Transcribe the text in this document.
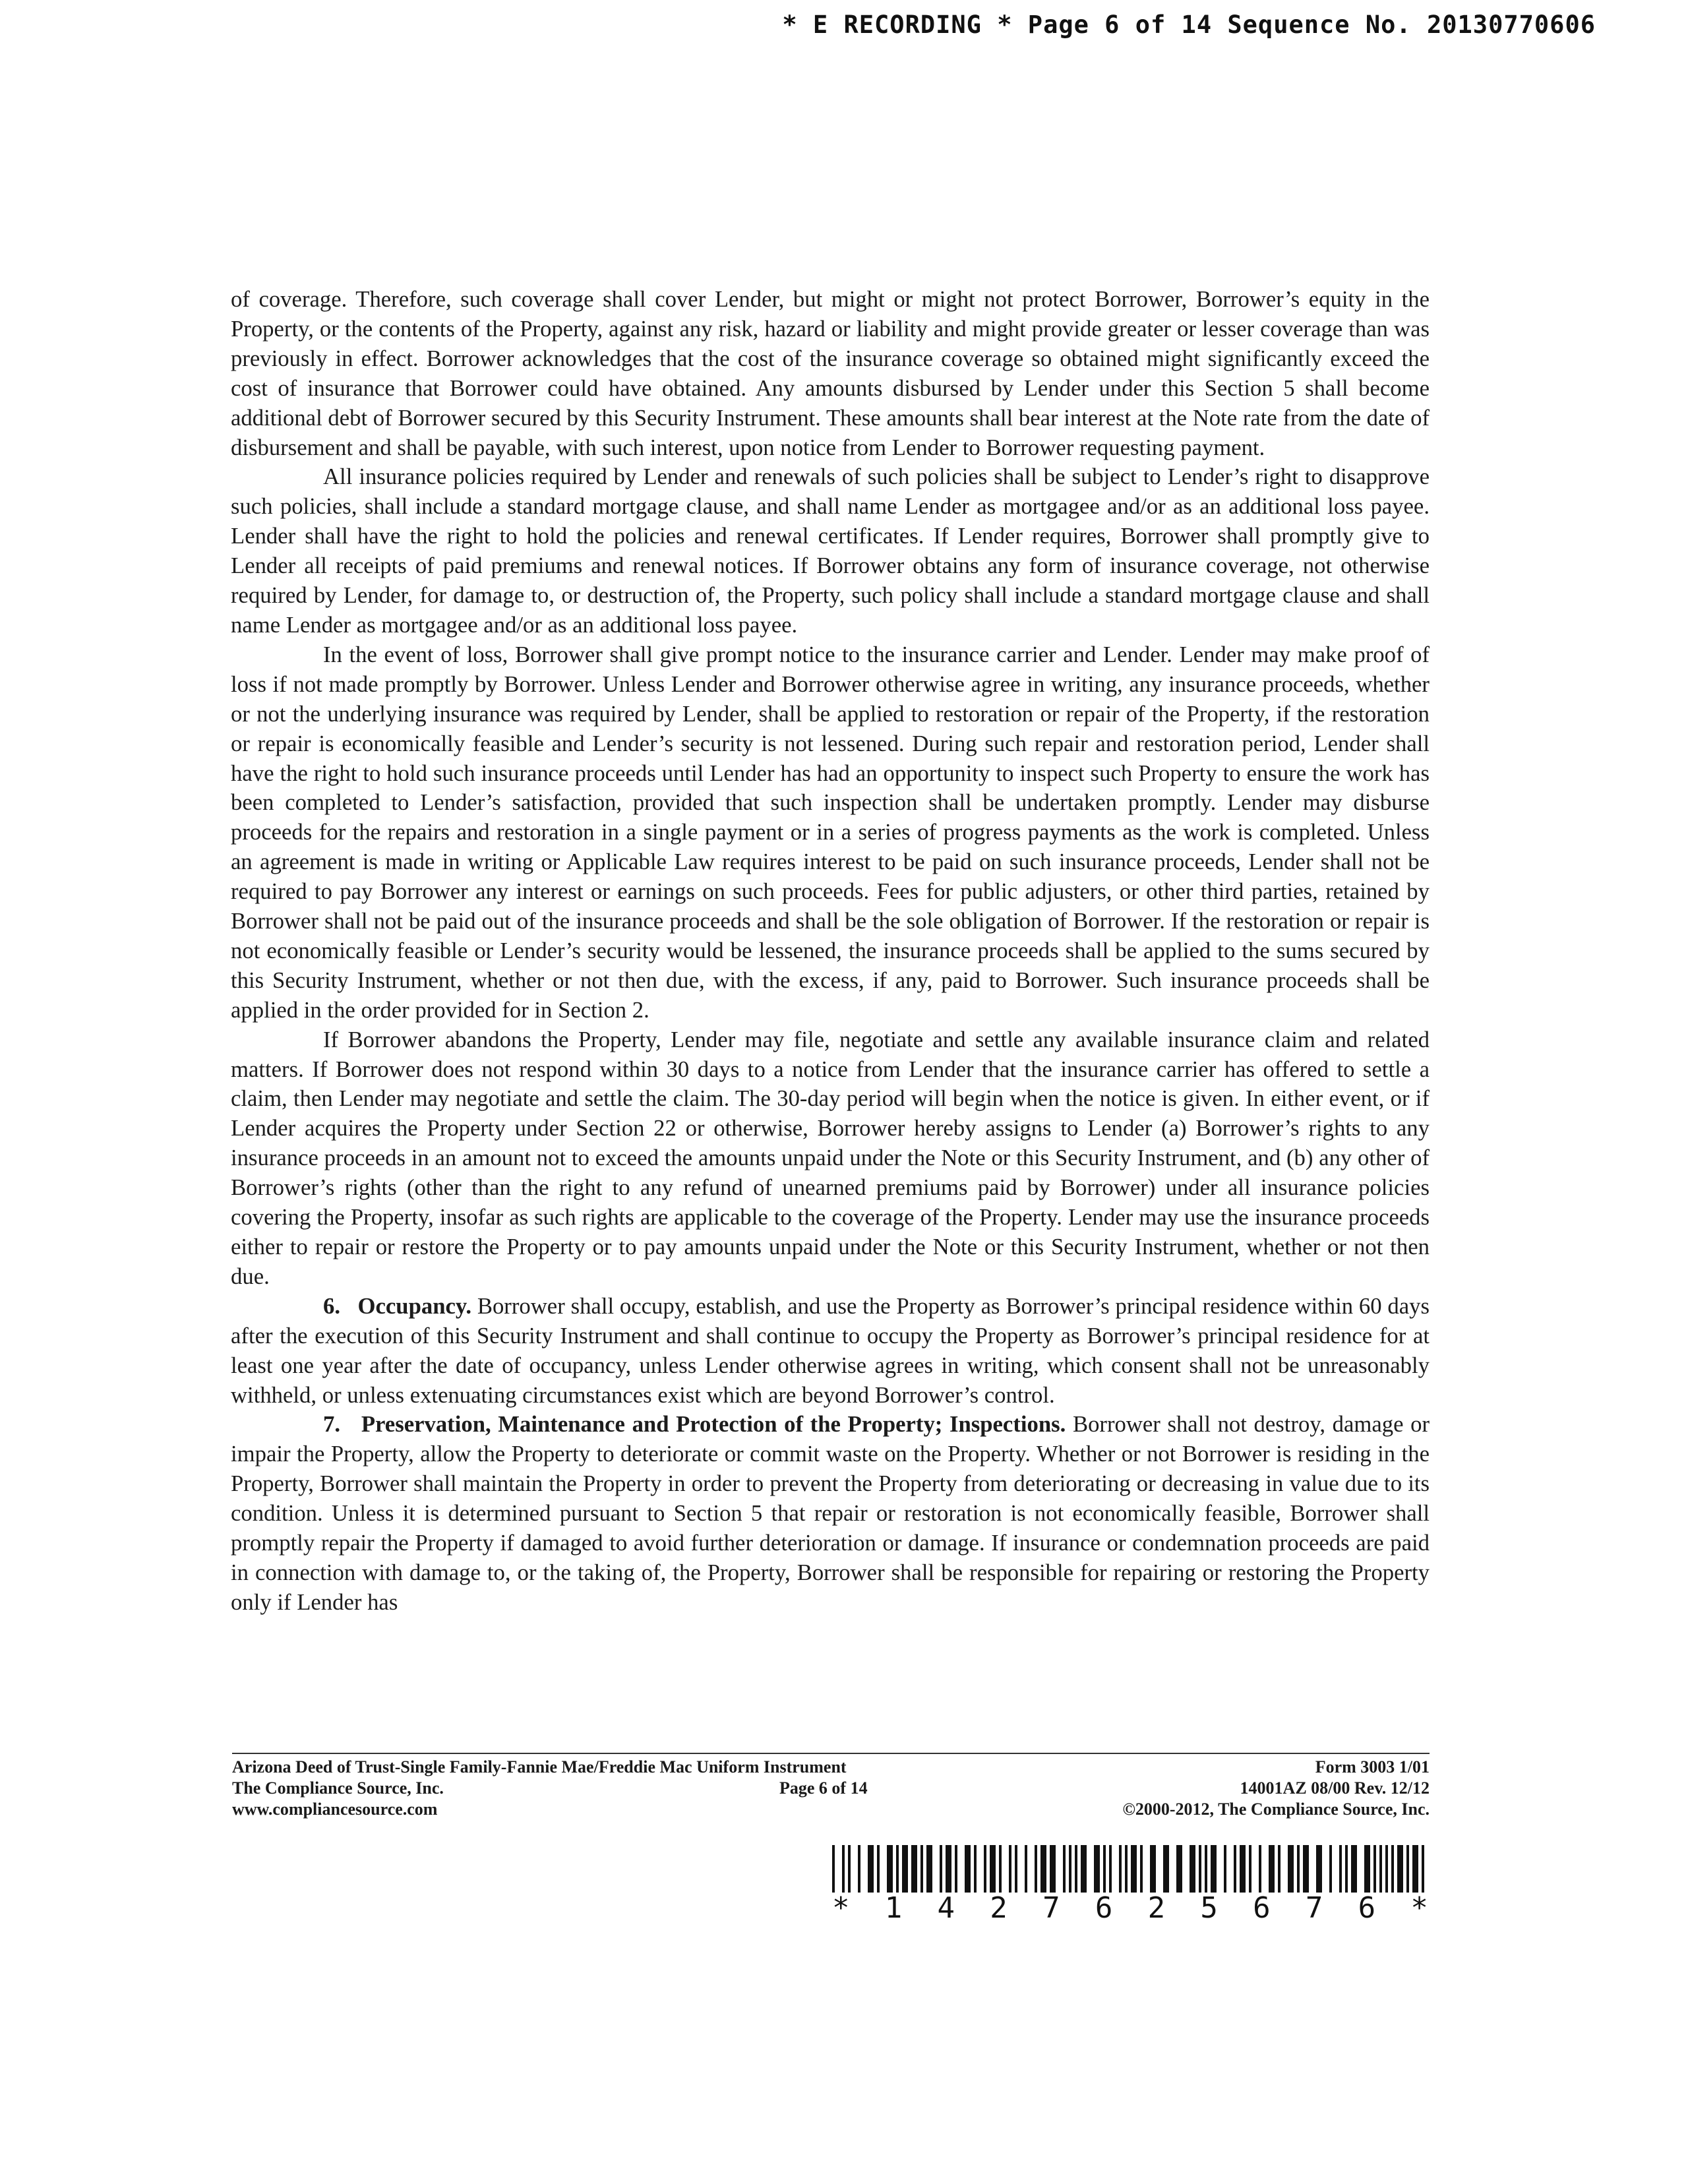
* E RECORDING * Page 6 of 14 Sequence No. 20130770606

of coverage. Therefore, such coverage shall cover Lender, but might or might not protect Borrower, Borrower’s equity in the Property, or the contents of the Property, against any risk, hazard or liability and might provide greater or lesser coverage than was previously in effect. Borrower acknowledges that the cost of the insurance coverage so obtained might significantly exceed the cost of insurance that Borrower could have obtained. Any amounts disbursed by Lender under this Section 5 shall become additional debt of Borrower secured by this Security Instrument. These amounts shall bear interest at the Note rate from the date of disbursement and shall be payable, with such interest, upon notice from Lender to Borrower requesting payment.

All insurance policies required by Lender and renewals of such policies shall be subject to Lender’s right to disapprove such policies, shall include a standard mortgage clause, and shall name Lender as mortgagee and/or as an additional loss payee. Lender shall have the right to hold the policies and renewal certificates. If Lender requires, Borrower shall promptly give to Lender all receipts of paid premiums and renewal notices. If Borrower obtains any form of insurance coverage, not otherwise required by Lender, for damage to, or destruction of, the Property, such policy shall include a standard mortgage clause and shall name Lender as mortgagee and/or as an additional loss payee.

In the event of loss, Borrower shall give prompt notice to the insurance carrier and Lender. Lender may make proof of loss if not made promptly by Borrower. Unless Lender and Borrower otherwise agree in writing, any insurance proceeds, whether or not the underlying insurance was required by Lender, shall be applied to restoration or repair of the Property, if the restoration or repair is economically feasible and Lender’s security is not lessened. During such repair and restoration period, Lender shall have the right to hold such insurance proceeds until Lender has had an opportunity to inspect such Property to ensure the work has been completed to Lender’s satisfaction, provided that such inspection shall be undertaken promptly. Lender may disburse proceeds for the repairs and restoration in a single payment or in a series of progress payments as the work is completed. Unless an agreement is made in writing or Applicable Law requires interest to be paid on such insurance proceeds, Lender shall not be required to pay Borrower any interest or earnings on such proceeds. Fees for public adjusters, or other third parties, retained by Borrower shall not be paid out of the insurance proceeds and shall be the sole obligation of Borrower. If the restoration or repair is not economically feasible or Lender’s security would be lessened, the insurance proceeds shall be applied to the sums secured by this Security Instrument, whether or not then due, with the excess, if any, paid to Borrower. Such insurance proceeds shall be applied in the order provided for in Section 2.

If Borrower abandons the Property, Lender may file, negotiate and settle any available insurance claim and related matters. If Borrower does not respond within 30 days to a notice from Lender that the insurance carrier has offered to settle a claim, then Lender may negotiate and settle the claim. The 30-day period will begin when the notice is given. In either event, or if Lender acquires the Property under Section 22 or otherwise, Borrower hereby assigns to Lender (a) Borrower’s rights to any insurance proceeds in an amount not to exceed the amounts unpaid under the Note or this Security Instrument, and (b) any other of Borrower’s rights (other than the right to any refund of unearned premiums paid by Borrower) under all insurance policies covering the Property, insofar as such rights are applicable to the coverage of the Property. Lender may use the insurance proceeds either to repair or restore the Property or to pay amounts unpaid under the Note or this Security Instrument, whether or not then due.

6. Occupancy. Borrower shall occupy, establish, and use the Property as Borrower’s principal residence within 60 days after the execution of this Security Instrument and shall continue to occupy the Property as Borrower’s principal residence for at least one year after the date of occupancy, unless Lender otherwise agrees in writing, which consent shall not be unreasonably withheld, or unless extenuating circumstances exist which are beyond Borrower’s control.

7. Preservation, Maintenance and Protection of the Property; Inspections. Borrower shall not destroy, damage or impair the Property, allow the Property to deteriorate or commit waste on the Property. Whether or not Borrower is residing in the Property, Borrower shall maintain the Property in order to prevent the Property from deteriorating or decreasing in value due to its condition. Unless it is determined pursuant to Section 5 that repair or restoration is not economically feasible, Borrower shall promptly repair the Property if damaged to avoid further deterioration or damage. If insurance or condemnation proceeds are paid in connection with damage to, or the taking of, the Property, Borrower shall be responsible for repairing or restoring the Property only if Lender has

Arizona Deed of Trust-Single Family-Fannie Mae/Freddie Mac Uniform Instrument	Form 3003 1/01
The Compliance Source, Inc.	Page 6 of 14	14001AZ 08/00 Rev. 12/12
www.compliancesource.com	©2000-2012, The Compliance Source, Inc.
* 1 4 2 7 6 2 5 6 7 6 *
